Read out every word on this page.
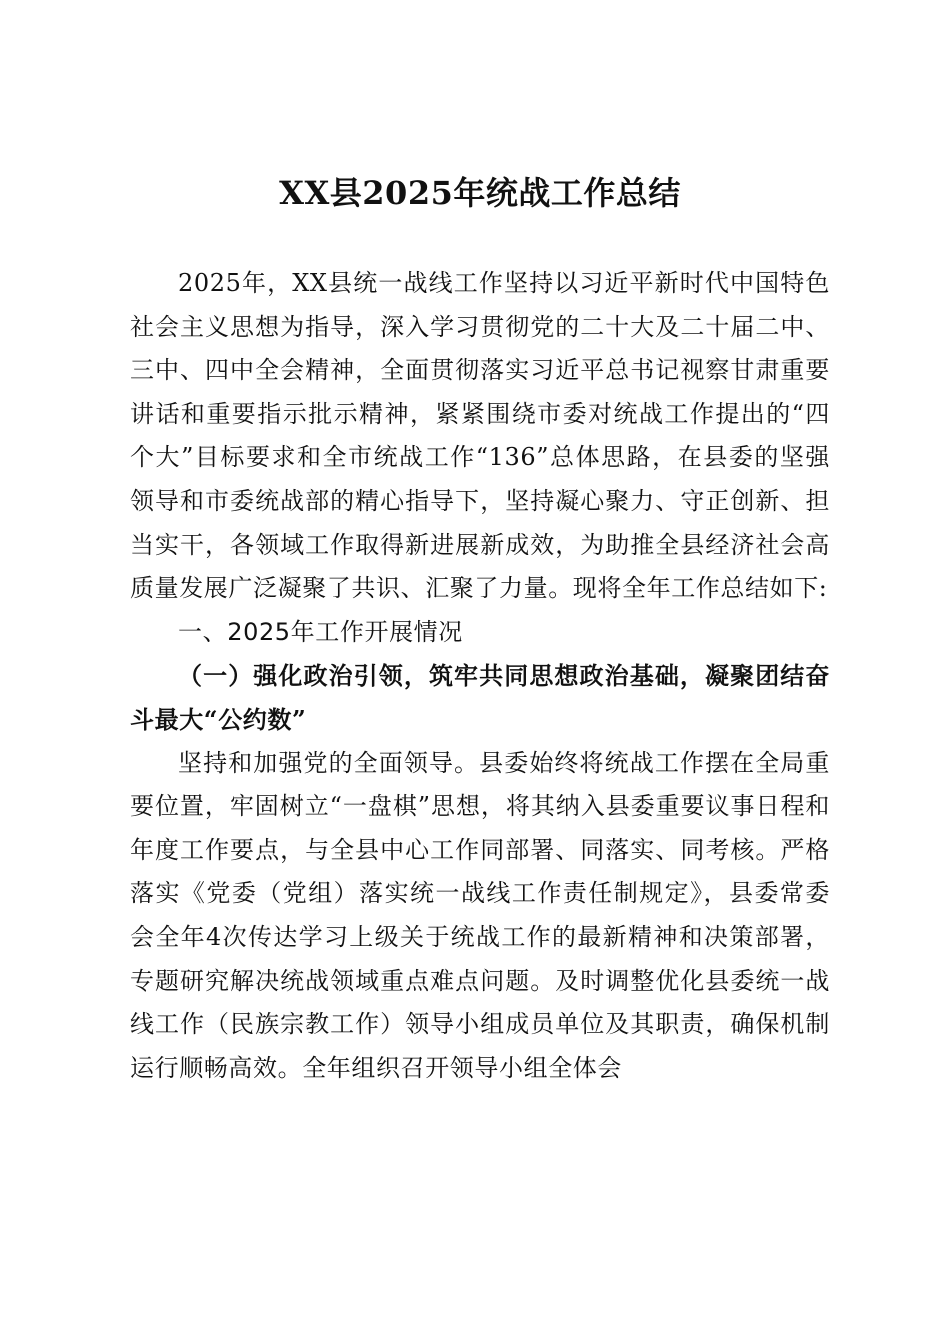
XX县2025年统战工作总结

2025年，XX县统一战线工作坚持以习近平新时代中国特色社会主义思想为指导，深入学习贯彻党的二十大及二十届二中、三中、四中全会精神，全面贯彻落实习近平总书记视察甘肃重要讲话和重要指示批示精神，紧紧围绕市委对统战工作提出的“四个大”目标要求和全市统战工作“136”总体思路，在县委的坚强领导和市委统战部的精心指导下，坚持凝心聚力、守正创新、担当实干，各领域工作取得新进展新成效，为助推全县经济社会高质量发展广泛凝聚了共识、汇聚了力量。现将全年工作总结如下:

一、2025年工作开展情况

（一）强化政治引领，筑牢共同思想政治基础，凝聚团结奋斗最大“公约数”

坚持和加强党的全面领导。县委始终将统战工作摆在全局重要位置，牢固树立“一盘棋”思想，将其纳入县委重要议事日程和年度工作要点，与全县中心工作同部署、同落实、同考核。严格落实《党委（党组）落实统一战线工作责任制规定》，县委常委会全年4次传达学习上级关于统战工作的最新精神和决策部署，专题研究解决统战领域重点难点问题。及时调整优化县委统一战线工作（民族宗教工作）领导小组成员单位及其职责，确保机制运行顺畅高效。全年组织召开领导小组全体会
